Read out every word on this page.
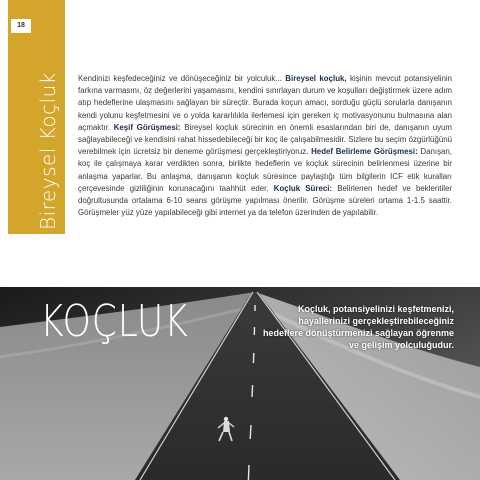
18
Bireysel Koçluk Kendinizi keşfedeceğiniz ve dönüşeceğiniz bir yolculuk... Bireysel koçluk, kişinin mevcut potansiyelinin farkına varmasını, öz değerlerini yaşamasını, kendini sınırlayan durum ve koşulları değiştirmek üzere adım atıp hedeflerine ulaşmasını sağlayan bir süreçtir. Burada koçun amacı, sorduğu güçlü sorularla danışanın kendi yolunu keşfetmesini ve o yolda kararlılıkla ilerlemesi için gereken iç motivasyonunu bulmasına alan açmaktır. Keşif Görüşmesi: Bireysel koçluk sürecinin en önemli esaslarından biri de, danışanın uyum sağlayabileceği ve kendisini rahat hissedebileceği bir koç ile çalışabilmesidir. Sizlere bu seçim özgürlüğünü verebilmek için ücretsiz bir deneme görüşmesi gerçekleştiriyoruz. Hedef Belirleme Görüşmesi: Danışan, koç ile çalışmaya karar verdikten sonra, birlikte hedeflerin ve koçluk sürecinin belirlenmesi üzerine bir anlaşma yaparlar. Bu anlaşma, danışanın koçluk süresince paylaştığı tüm bilgilerin ICF etik kuralları çerçevesinde gizliliğinin korunacağını taahhüt eder. Koçluk Süreci: Belirlenen hedef ve beklentiler doğrultusunda ortalama 6-10 seans görüşme yapılması önerilir. Görüşme süreleri ortama 1-1.5 saattir. Görüşmeler yüz yüze yapılabileceği gibi internet ya da telefon üzerinden de yapılabilir.

KOÇLUK	Koçluk, potansiyelinizi keşfetmenizi, hayallerinizi gerçekleştirebileceğiniz hedeflere dönüştürmenizi sağlayan öğrenme ve gelişim yolculuğudur.
